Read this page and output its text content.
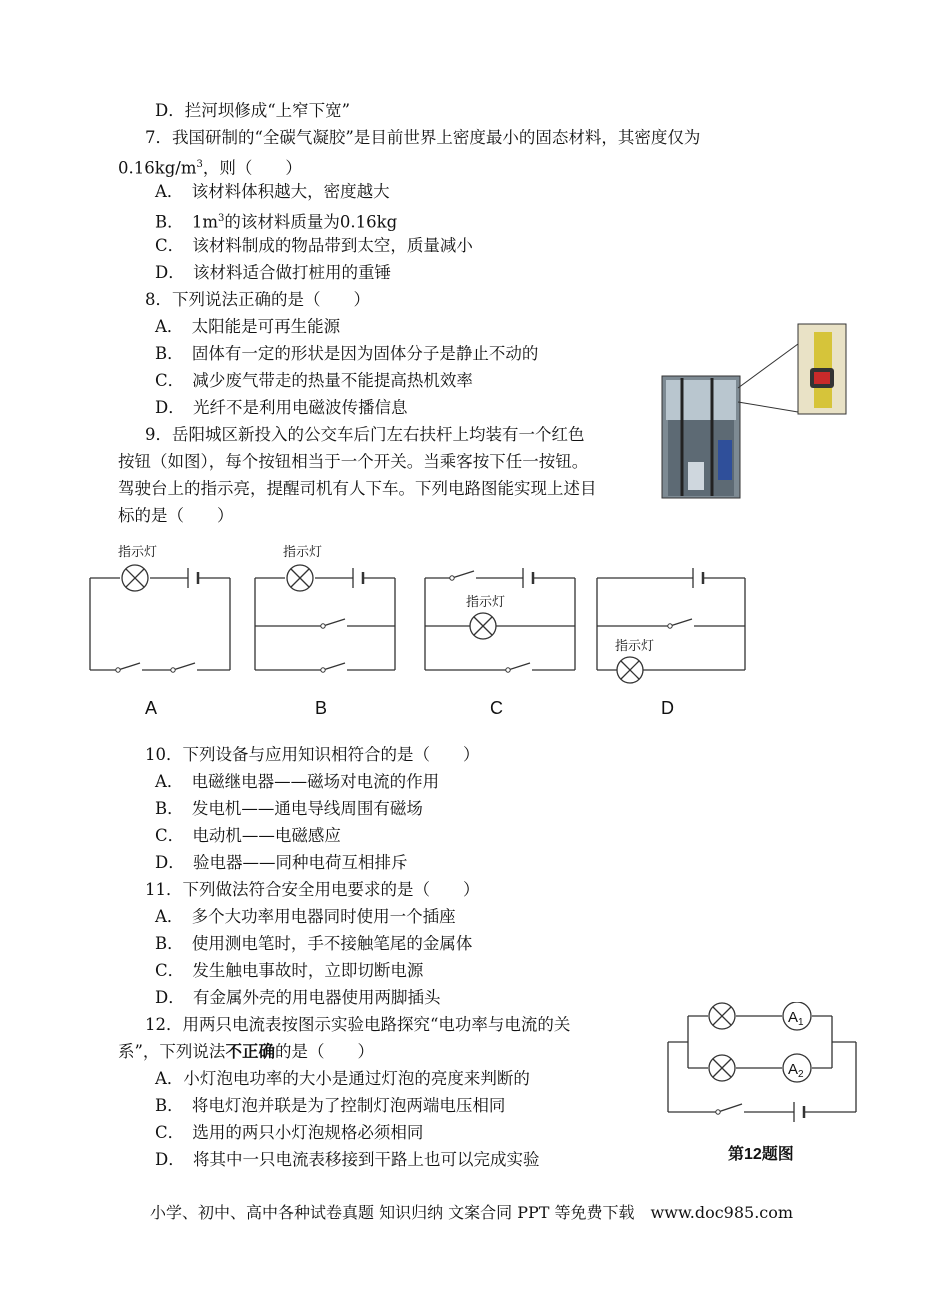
D．拦河坝修成“上窄下宽”
7．我国研制的“全碳气凝胶”是目前世界上密度最小的固态材料，其密度仅为
$0.16kg/m^3$，则（　　）
A．　该材料体积越大，密度越大
B．　$1m^3$的该材料质量为0.16kg
C．　该材料制成的物品带到太空，质量减小
D．　该材料适合做打桩用的重锤
8．下列说法正确的是（　　）
A．　太阳能是可再生能源
B．　固体有一定的形状是因为固体分子是静止不动的
C．　减少废气带走的热量不能提高热机效率
D．　光纤不是利用电磁波传播信息
9．岳阳城区新投入的公交车后门左右扶杆上均装有一个红色
按钮（如图），每个按钮相当于一个开关。当乘客按下任一按钮。
驾驶台上的指示亮，提醒司机有人下车。下列电路图能实现上述目
标的是（　　）
指示灯	指示灯
指示灯
指示灯
A	B	C	D
10．下列设备与应用知识相符合的是（　　）
A．　电磁继电器——磁场对电流的作用
B．　发电机——通电导线周围有磁场
C．　电动机——电磁感应
D．　验电器——同种电荷互相排斥
11．下列做法符合安全用电要求的是（　　）
A．　多个大功率用电器同时使用一个插座
B．　使用测电笔时，手不接触笔尾的金属体
C．　发生触电事故时，立即切断电源
D．　有金属外壳的用电器使用两脚插头
12．用两只电流表按图示实验电路探究“电功率与电流的关
系”，下列说法不正确的是（　　）
A．小灯泡电功率的大小是通过灯泡的亮度来判断的
B．　将电灯泡并联是为了控制灯泡两端电压相同
C．　选用的两只小灯泡规格必须相同
D．　将其中一只电流表移接到干路上也可以完成实验
$A_1$
$A_2$
第12题图
小学、初中、高中各种试卷真题 知识归纳 文案合同 PPT 等免费下载　www.doc985.com
